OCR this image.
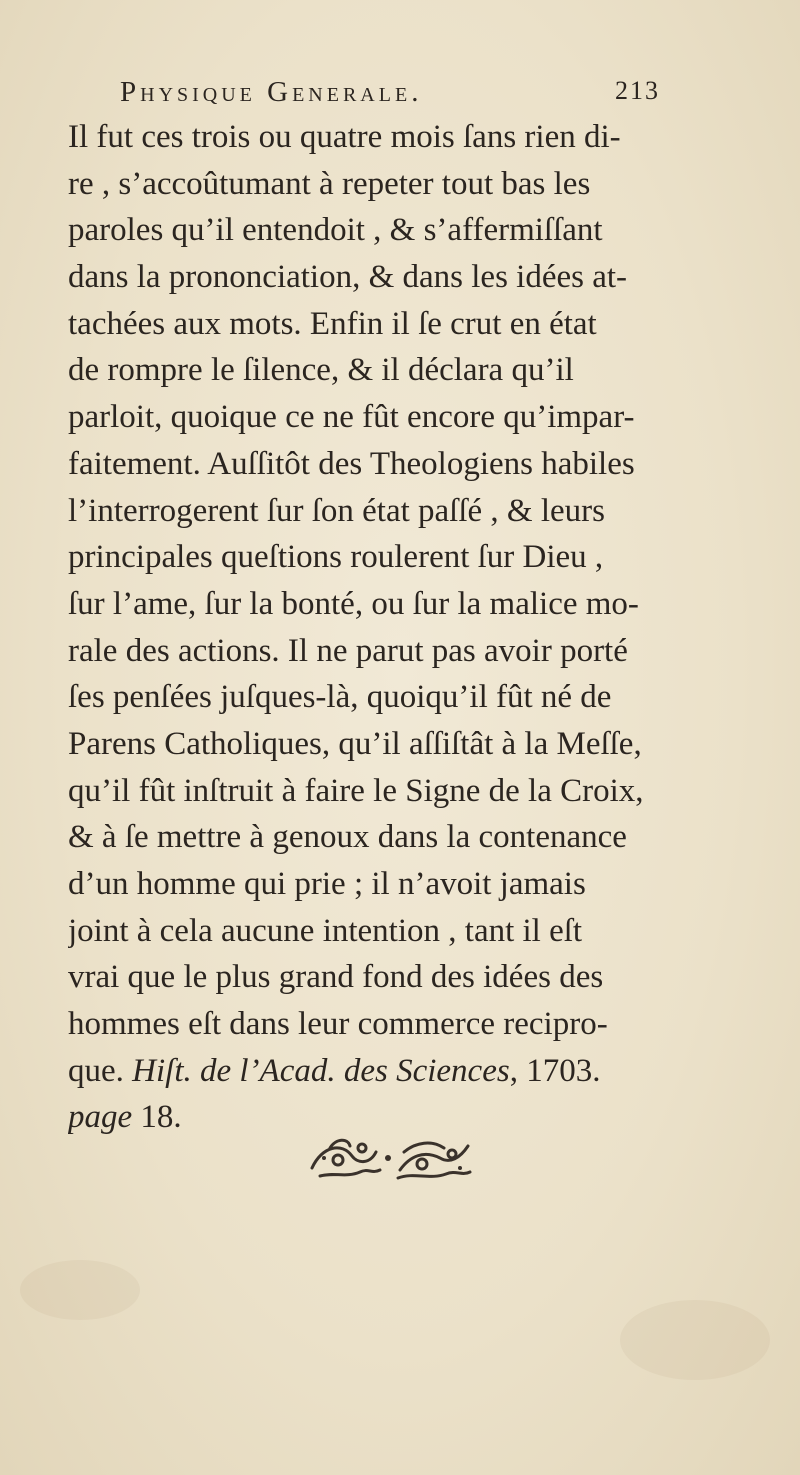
Physique Generale.	213
Il fut ces trois ou quatre mois ſans rien di-
re , s’accoûtumant à repeter tout bas les
paroles qu’il entendoit , & s’affermiſſant
dans la prononciation, & dans les idées at-
tachées aux mots. Enfin il ſe crut en état
de rompre le ſilence, & il déclara qu’il
parloit, quoique ce ne fût encore qu’impar-
faitement. Auſſitôt des Theologiens habiles
l’interrogerent ſur ſon état paſſé , & leurs
principales queſtions roulerent ſur Dieu ,
ſur l’ame, ſur la bonté, ou ſur la malice mo-
rale des actions. Il ne parut pas avoir porté
ſes penſées juſques-là, quoiqu’il fût né de
Parens Catholiques, qu’il aſſiſtât à la Meſſe,
qu’il fût inſtruit à faire le Signe de la Croix,
& à ſe mettre à genoux dans la contenance
d’un homme qui prie ; il n’avoit jamais
joint à cela aucune intention , tant il eſt
vrai que le plus grand fond des idées des
hommes eſt dans leur commerce recipro-
que. Hiſt. de l’Acad. des Sciences, 1703.
page 18.
